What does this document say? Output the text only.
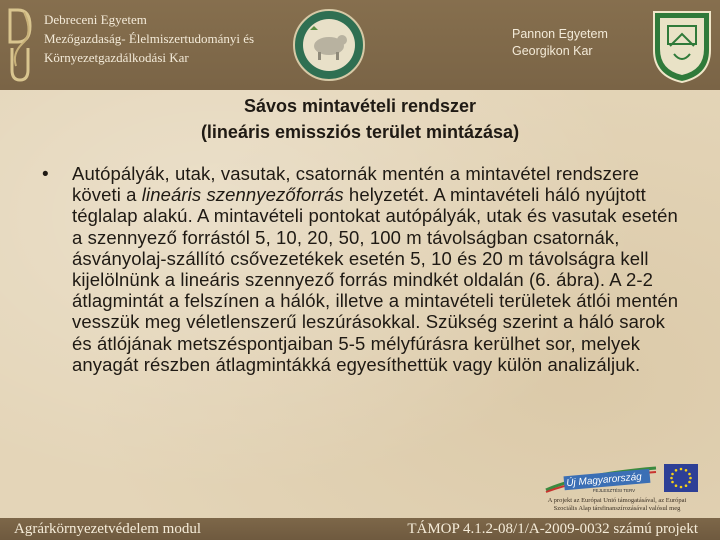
Debreceni Egyetem
Mezőgazdaság- Élelmiszertudományi és
Környezetgazdálkodási Kar
Pannon Egyetem
Georgikon Kar
Sávos mintavételi rendszer
(lineáris emissziós terület mintázása)
• Autópályák, utak, vasutak, csatornák mentén a mintavétel rendszere követi a lineáris szennyezőforrás helyzetét. A mintavételi háló nyújtott téglalap alakú. A mintavételi pontokat autópályák, utak és vasutak esetén a szennyező forrástól 5, 10, 20, 50, 100 m távolságban csatornák, ásványolaj-szállító csővezetékek esetén 5, 10 és 20 m távolságra kell kijelölnünk a lineáris szennyező forrás mindkét oldalán (6. ábra). A 2-2 átlagmintát a felszínen a hálók, illetve a mintavételi területek átlói mentén vesszük meg véletlenszerű leszúrásokkal. Szükség szerint a háló sarok és átlójának metszéspontjaiban 5-5 mélyfúrásra kerülhet sor, melyek anyagát részben átlagmintákká egyesíthettük vagy külön analizáljuk.
Új Magyarország
FEJLESZTÉSI TERV
A projekt az Európai Unió támogatásával, az Európai
Szociális Alap társfinanszírozásával valósul meg
Agrárkörnyezetvédelem modul	TÁMOP 4.1.2-08/1/A-2009-0032 számú projekt
